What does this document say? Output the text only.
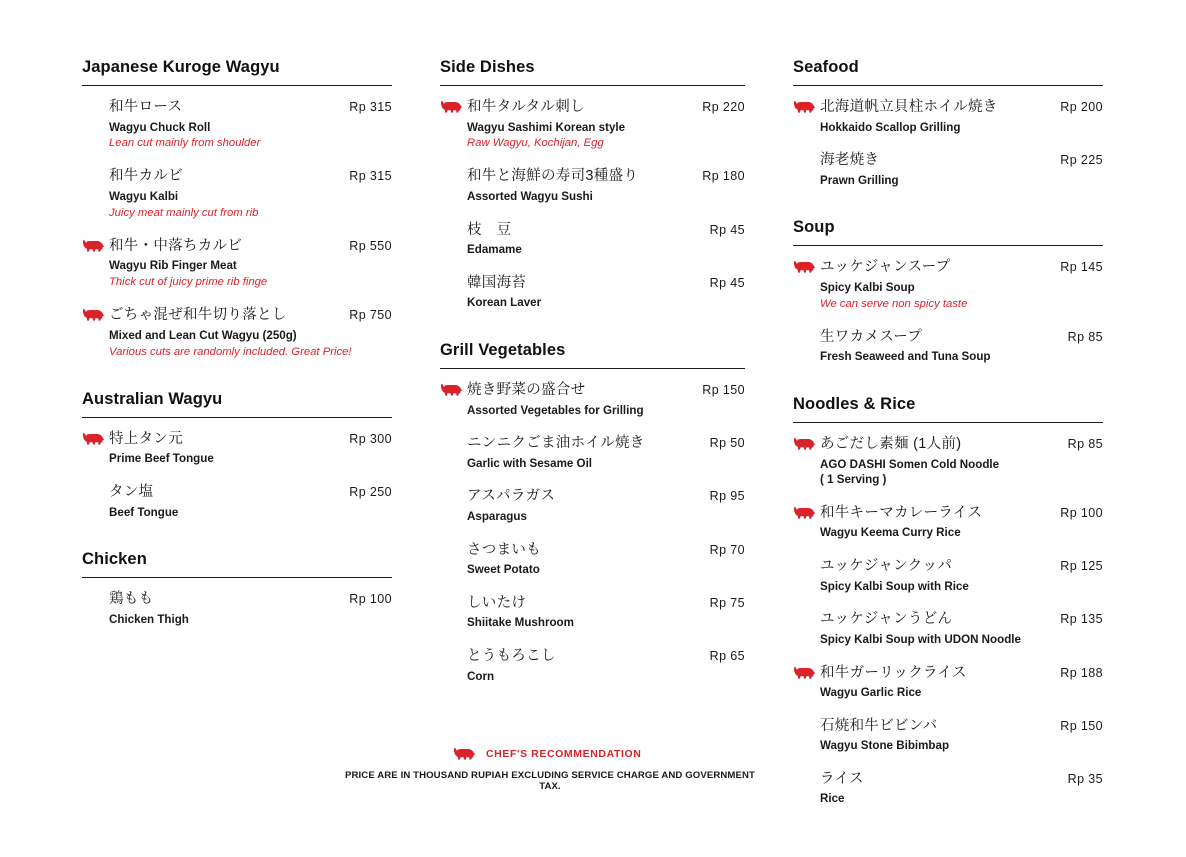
Japanese Kuroge Wagyu
和牛ロース	Rp 315
Wagyu Chuck Roll
Lean cut mainly from shoulder
和牛カルビ	Rp 315
Wagyu Kalbi
Juicy meat mainly cut from rib
和牛・中落ちカルビ	Rp 550
Wagyu Rib Finger Meat
Thick cut of juicy prime rib finge
ごちゃ混ぜ和牛切り落とし	Rp 750
Mixed and Lean Cut Wagyu (250g)
Various cuts are randomly included. Great Price!
Australian Wagyu
特上タン元	Rp 300
Prime Beef Tongue
タン塩	Rp 250
Beef Tongue
Chicken
鶏もも	Rp 100
Chicken Thigh
Side Dishes
和牛タルタル刺し	Rp 220
Wagyu Sashimi Korean style
Raw Wagyu, Kochijan, Egg
和牛と海鮮の寿司3種盛り	Rp 180
Assorted Wagyu Sushi
枝　豆	Rp 45
Edamame
韓国海苔	Rp 45
Korean Laver
Grill Vegetables
焼き野菜の盛合せ	Rp 150
Assorted Vegetables for Grilling
ニンニクごま油ホイル焼き	Rp 50
Garlic with Sesame Oil
アスパラガス	Rp 95
Asparagus
さつまいも	Rp 70
Sweet Potato
しいたけ	Rp 75
Shiitake Mushroom
とうもろこし	Rp 65
Corn
Seafood
北海道帆立貝柱ホイル焼き	Rp 200
Hokkaido Scallop Grilling
海老焼き	Rp 225
Prawn Grilling
Soup
ユッケジャンスープ	Rp 145
Spicy Kalbi Soup
We can serve non spicy taste
生ワカメスープ	Rp 85
Fresh Seaweed and Tuna Soup
Noodles & Rice
あごだし素麺 (1人前)	Rp 85
AGO DASHI Somen Cold Noodle
( 1 Serving )
和牛キーマカレーライス	Rp 100
Wagyu Keema Curry Rice
ユッケジャンクッパ	Rp 125
Spicy Kalbi Soup with Rice
ユッケジャンうどん	Rp 135
Spicy Kalbi Soup with UDON Noodle
和牛ガーリックライス	Rp 188
Wagyu Garlic Rice
石焼和牛ビビンバ	Rp 150
Wagyu Stone Bibimbap
ライス	Rp 35
Rice
CHEF'S RECOMMENDATION
PRICE ARE IN THOUSAND RUPIAH EXCLUDING SERVICE CHARGE AND GOVERNMENT TAX.
